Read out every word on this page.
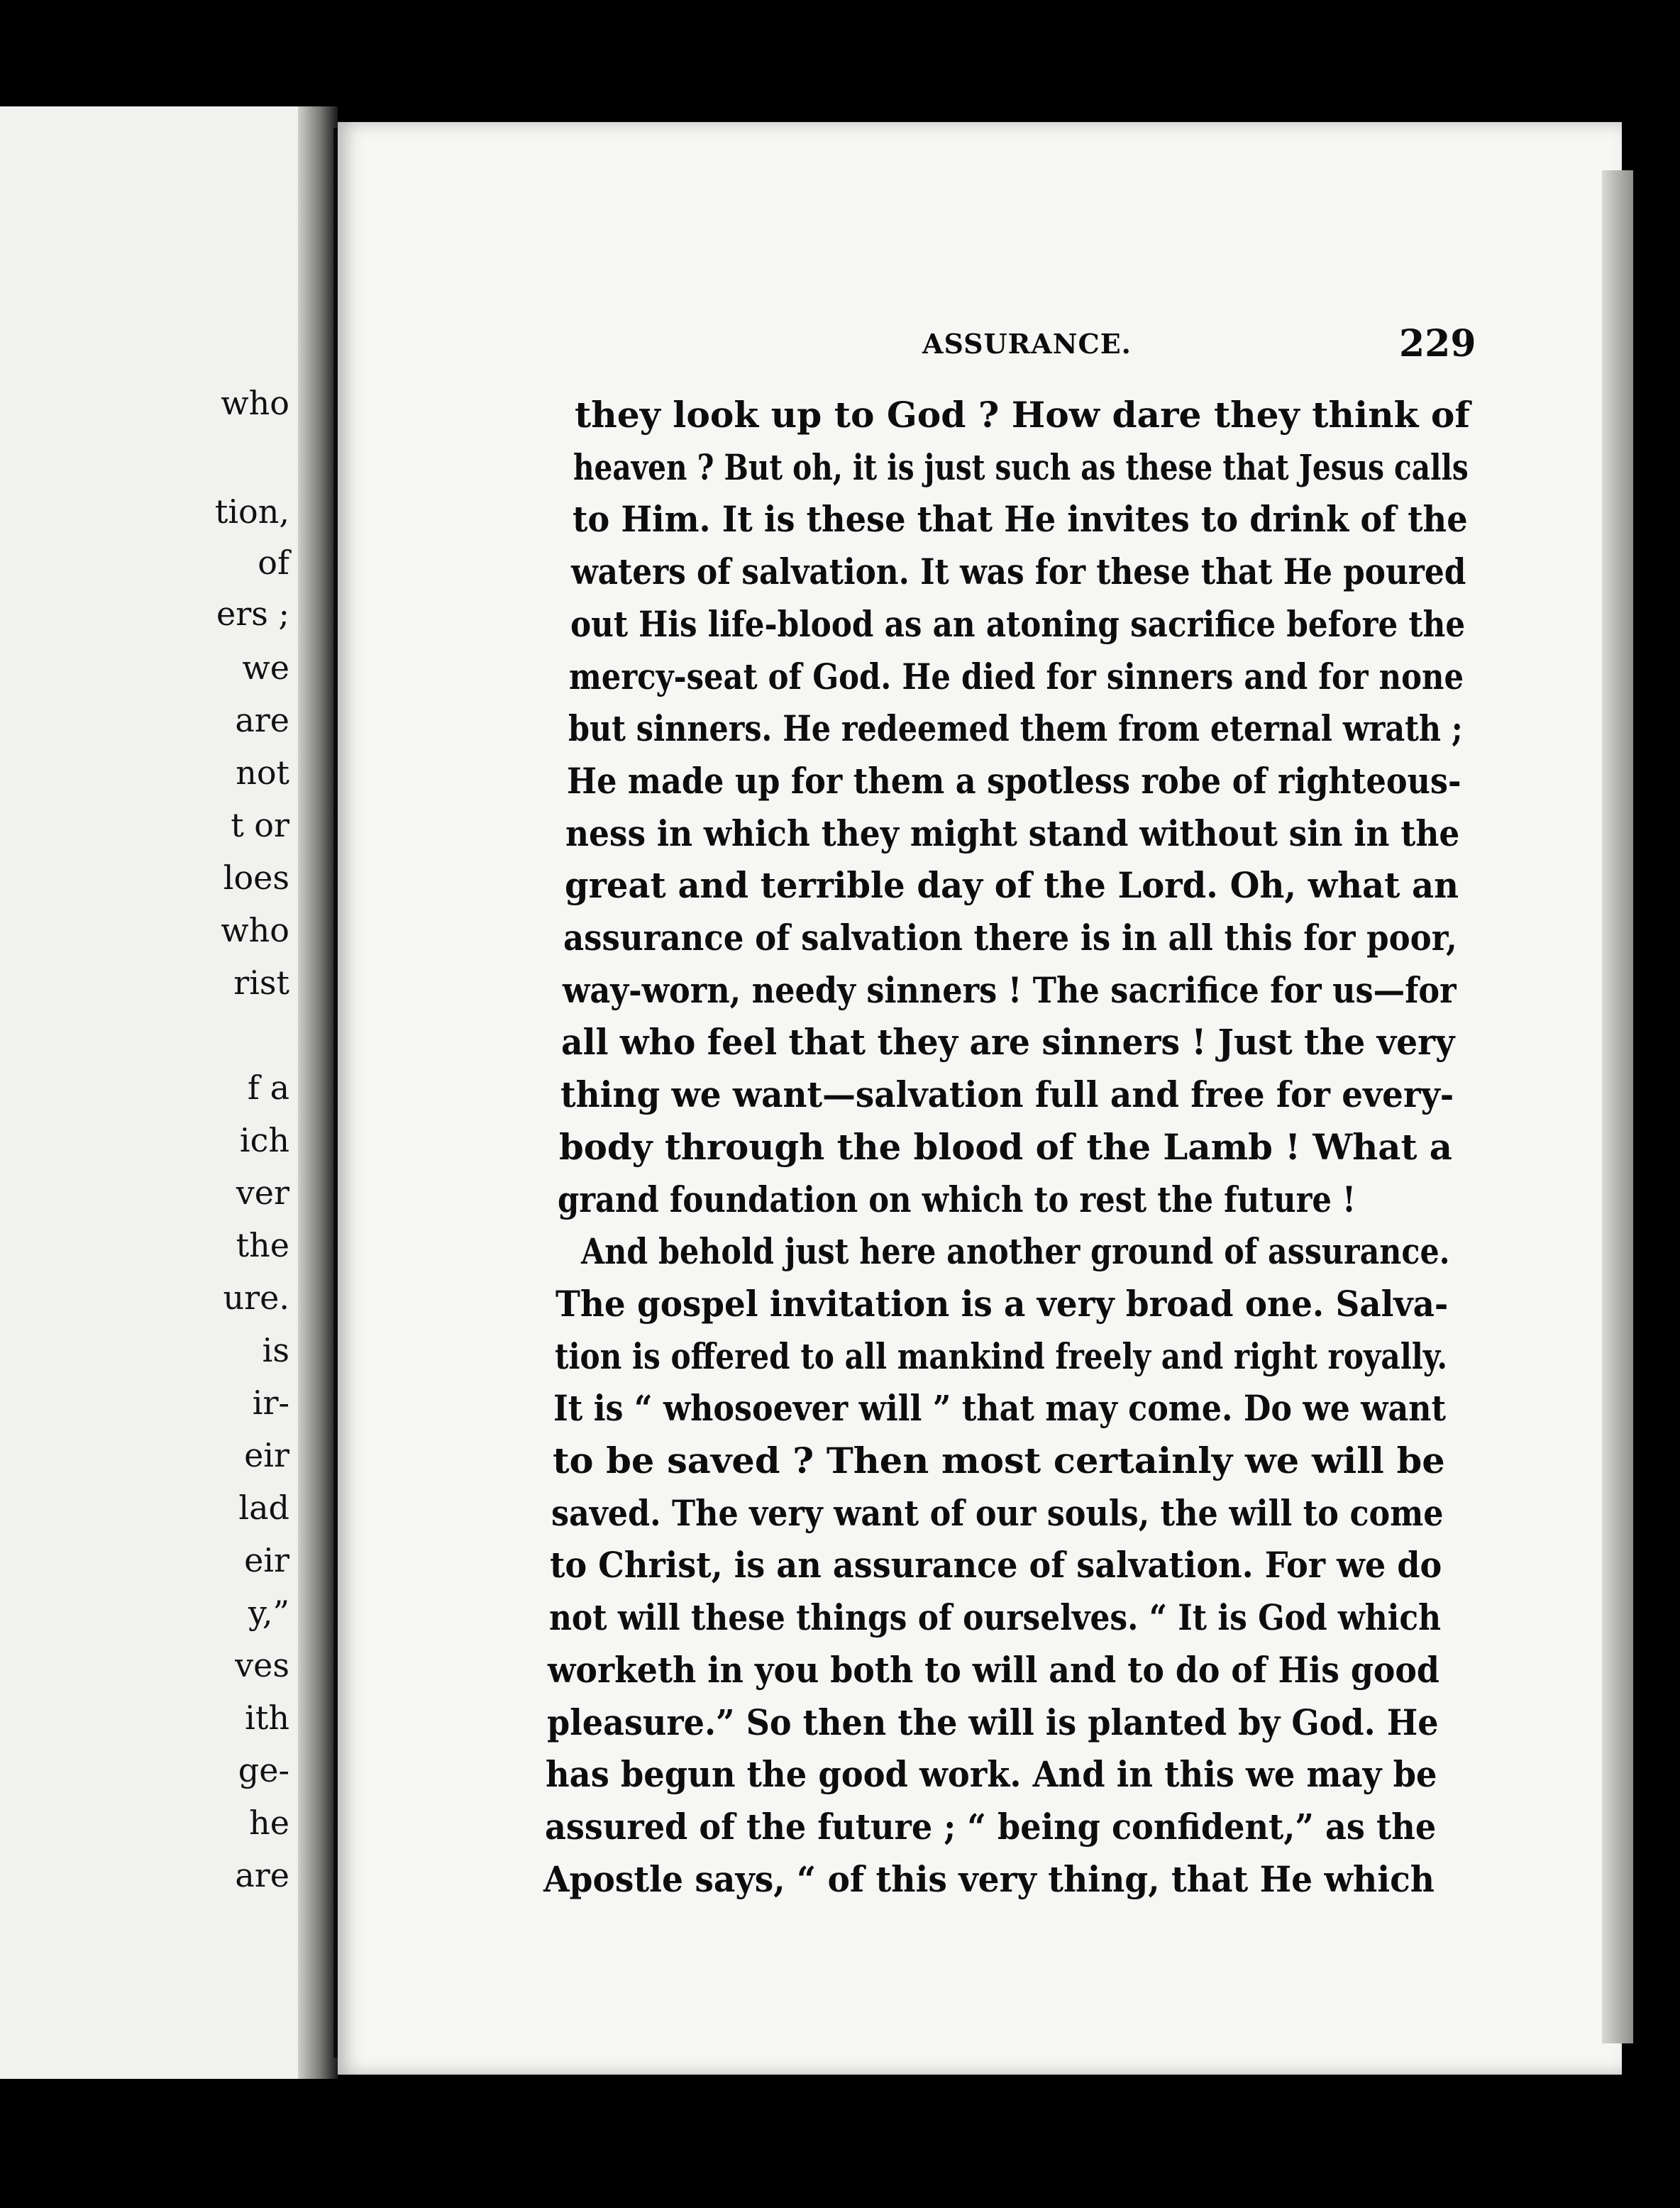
who
tion,
of
ers ;
we
are
not
t or
loes
who
rist
f a
ich
ver
the
ure.
is
ir-
eir
lad
eir
y,”
ves
ith
ge-
he
are
ASSURANCE.	229
they look up to God ? How dare they think of
heaven ? But oh, it is just such as these that Jesus calls
to Him. It is these that He invites to drink of the
waters of salvation. It was for these that He poured
out His life-blood as an atoning sacrifice before the
mercy-seat of God. He died for sinners and for none
but sinners. He redeemed them from eternal wrath ;
He made up for them a spotless robe of righteous-
ness in which they might stand without sin in the
great and terrible day of the Lord. Oh, what an
assurance of salvation there is in all this for poor,
way-worn, needy sinners ! The sacrifice for us—for
all who feel that they are sinners ! Just the very
thing we want—salvation full and free for every-
body through the blood of the Lamb ! What a
grand foundation on which to rest the future !
And behold just here another ground of assurance.
The gospel invitation is a very broad one. Salva-
tion is offered to all mankind freely and right royally.
It is “ whosoever will ” that may come. Do we want
to be saved ? Then most certainly we will be
saved. The very want of our souls, the will to come
to Christ, is an assurance of salvation. For we do
not will these things of ourselves. “ It is God which
worketh in you both to will and to do of His good
pleasure.” So then the will is planted by God. He
has begun the good work. And in this we may be
assured of the future ; “ being confident,” as the
Apostle says, “ of this very thing, that He which
